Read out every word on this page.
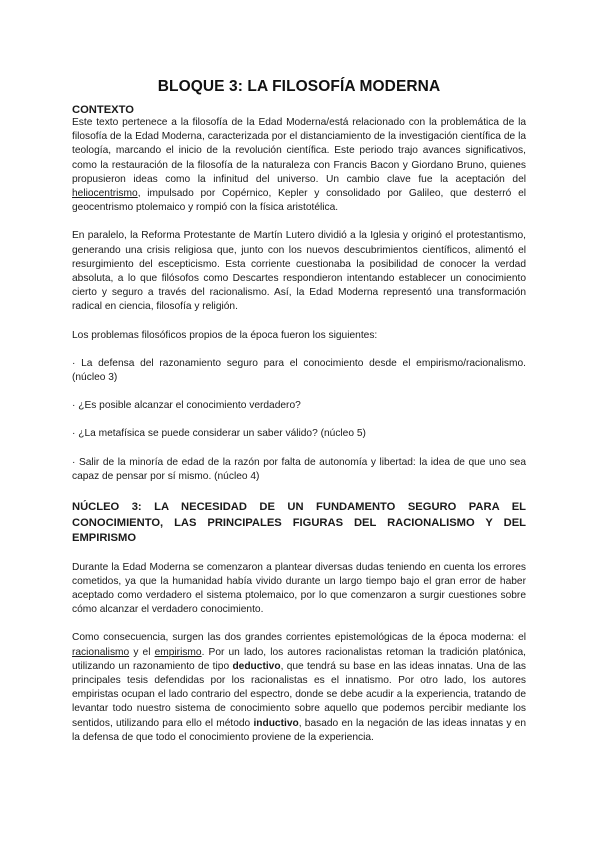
BLOQUE 3: LA FILOSOFÍA MODERNA
CONTEXTO

Este texto pertenece a la filosofía de la Edad Moderna/está relacionado con la problemática de la filosofía de la Edad Moderna, caracterizada por el distanciamiento de la investigación científica de la teología, marcando el inicio de la revolución científica. Este periodo trajo avances significativos, como la restauración de la filosofía de la naturaleza con Francis Bacon y Giordano Bruno, quienes propusieron ideas como la infinitud del universo. Un cambio clave fue la aceptación del heliocentrismo, impulsado por Copérnico, Kepler y consolidado por Galileo, que desterró el geocentrismo ptolemaico y rompió con la física aristotélica.

En paralelo, la Reforma Protestante de Martín Lutero dividió a la Iglesia y originó el protestantismo, generando una crisis religiosa que, junto con los nuevos descubrimientos científicos, alimentó el resurgimiento del escepticismo. Esta corriente cuestionaba la posibilidad de conocer la verdad absoluta, a lo que filósofos como Descartes respondieron intentando establecer un conocimiento cierto y seguro a través del racionalismo. Así, la Edad Moderna representó una transformación radical en ciencia, filosofía y religión.

Los problemas filosóficos propios de la época fueron los siguientes:

· La defensa del razonamiento seguro para el conocimiento desde el empirismo/racionalismo. (núcleo 3)

· ¿Es posible alcanzar el conocimiento verdadero?

· ¿La metafísica se puede considerar un saber válido? (núcleo 5)

· Salir de la minoría de edad de la razón por falta de autonomía y libertad: la idea de que uno sea capaz de pensar por sí mismo. (núcleo 4)

NÚCLEO 3: LA NECESIDAD DE UN FUNDAMENTO SEGURO PARA EL CONOCIMIENTO, LAS PRINCIPALES FIGURAS DEL RACIONALISMO Y DEL EMPIRISMO

Durante la Edad Moderna se comenzaron a plantear diversas dudas teniendo en cuenta los errores cometidos, ya que la humanidad había vivido durante un largo tiempo bajo el gran error de haber aceptado como verdadero el sistema ptolemaico, por lo que comenzaron a surgir cuestiones sobre cómo alcanzar el verdadero conocimiento.

Como consecuencia, surgen las dos grandes corrientes epistemológicas de la época moderna: el racionalismo y el empirismo. Por un lado, los autores racionalistas retoman la tradición platónica, utilizando un razonamiento de tipo deductivo, que tendrá su base en las ideas innatas. Una de las principales tesis defendidas por los racionalistas es el innatismo. Por otro lado, los autores empiristas ocupan el lado contrario del espectro, donde se debe acudir a la experiencia, tratando de levantar todo nuestro sistema de conocimiento sobre aquello que podemos percibir mediante los sentidos, utilizando para ello el método inductivo, basado en la negación de las ideas innatas y en la defensa de que todo el conocimiento proviene de la experiencia.
